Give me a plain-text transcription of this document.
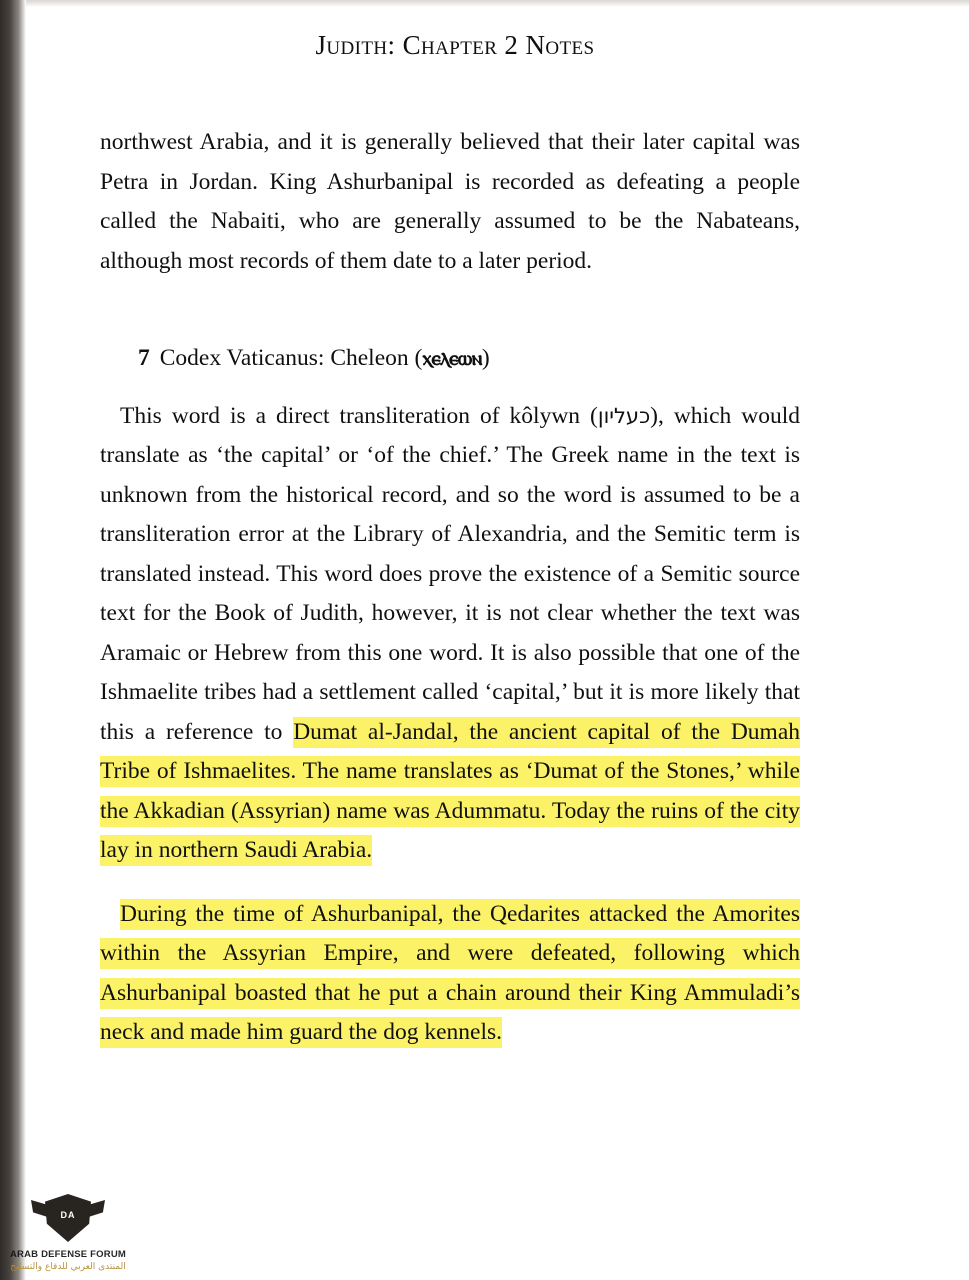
Judith: Chapter 2 Notes

northwest Arabia, and it is generally believed that their later capital was Petra in Jordan. King Ashurbanipal is recorded as defeating a people called the Nabaiti, who are generally assumed to be the Nabateans, although most records of them date to a later period.

7 Codex Vaticanus: Cheleon (ⲭⲉⲗⲉⲱⲛ)

This word is a direct transliteration of kôlywn (כעליון), which would translate as ‘the capital’ or ‘of the chief.’ The Greek name in the text is unknown from the historical record, and so the word is assumed to be a transliteration error at the Library of Alexandria, and the Semitic term is translated instead. This word does prove the existence of a Semitic source text for the Book of Judith, however, it is not clear whether the text was Aramaic or Hebrew from this one word. It is also possible that one of the Ishmaelite tribes had a settlement called ‘capital,’ but it is more likely that this a reference to Dumat al-Jandal, the ancient capital of the Dumah Tribe of Ishmaelites. The name translates as ‘Dumat of the Stones,’ while the Akkadian (Assyrian) name was Adummatu. Today the ruins of the city lay in northern Saudi Arabia.

During the time of Ashurbanipal, the Qedarites attacked the Amorites within the Assyrian Empire, and were defeated, following which Ashurbanipal boasted that he put a chain around their King Ammuladi’s neck and made him guard the dog kennels.

DA
ARAB DEFENSE FORUM
المنتدى العربي للدفاع والتسليح
